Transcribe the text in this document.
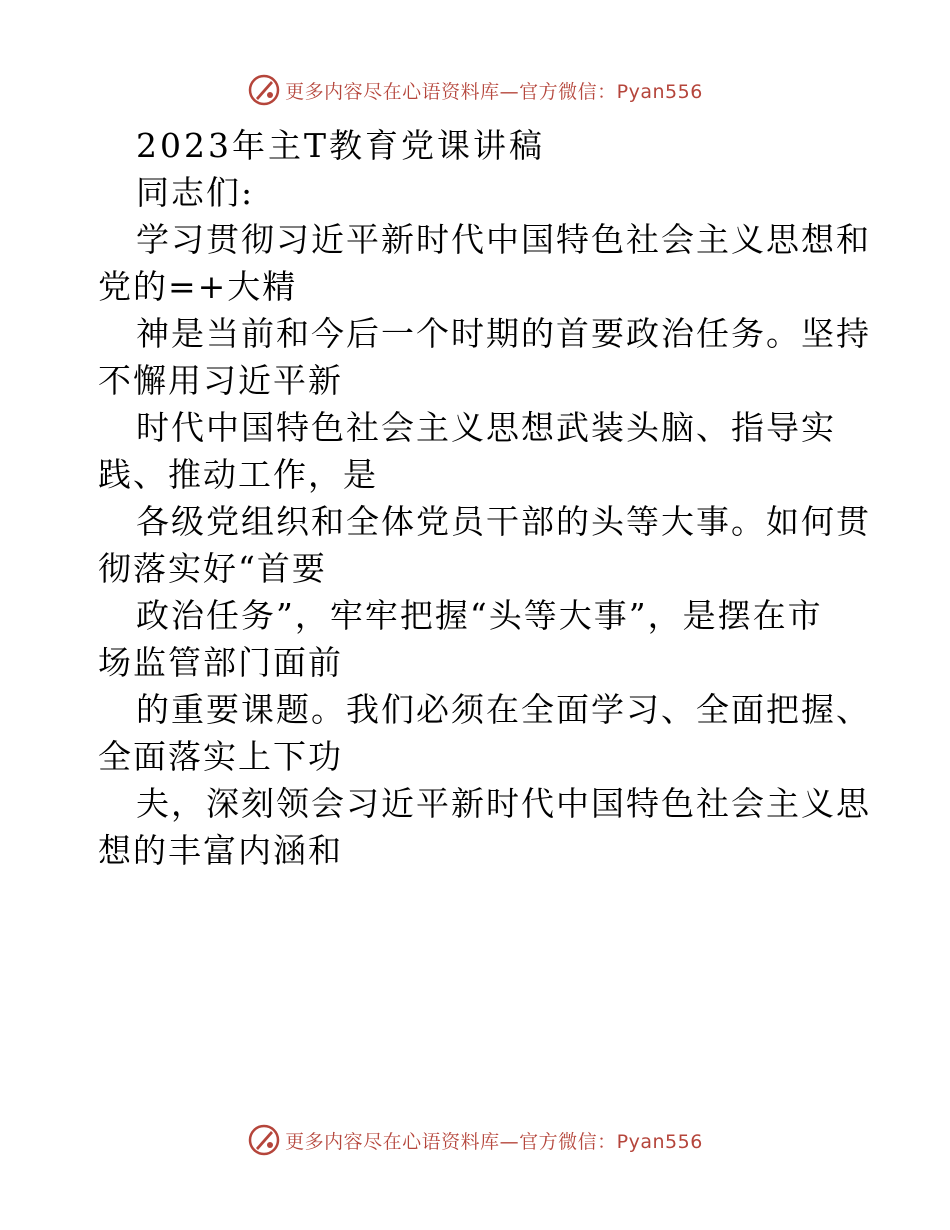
更多内容尽在心语资料库—官方微信：Pyan556
2023年主T教育党课讲稿
同志们:
学习贯彻习近平新时代中国特色社会主义思想和
党的=+大精
神是当前和今后一个时期的首要政治任务。坚持
不懈用习近平新
时代中国特色社会主义思想武装头脑、指导实
践、推动工作，是
各级党组织和全体党员干部的头等大事。如何贯
彻落实好“首要
政治任务”，牢牢把握“头等大事”，是摆在市
场监管部门面前
的重要课题。我们必须在全面学习、全面把握、
全面落实上下功
夫，深刻领会习近平新时代中国特色社会主义思
想的丰富内涵和
更多内容尽在心语资料库—官方微信：Pyan556
